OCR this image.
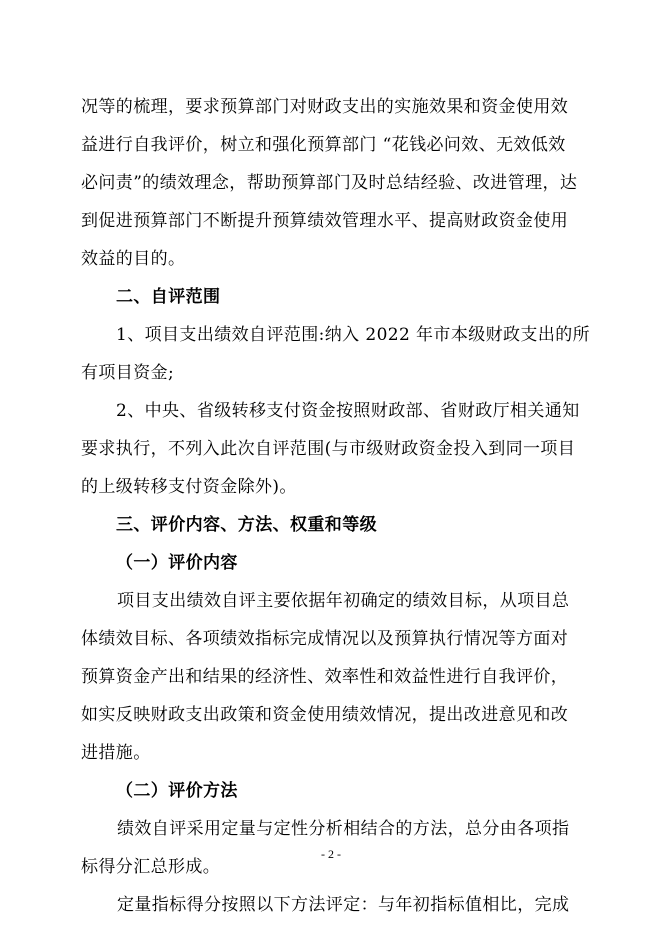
况等的梳理，要求预算部门对财政支出的实施效果和资金使用效
益进行自我评价，树立和强化预算部门 “花钱必问效、无效低效
必问责”的绩效理念，帮助预算部门及时总结经验、改进管理，达
到促进预算部门不断提升预算绩效管理水平、提高财政资金使用
效益的目的。
二、自评范围
1、项目支出绩效自评范围:纳入 2022 年市本级财政支出的所
有项目资金;
2、中央、省级转移支付资金按照财政部、省财政厅相关通知
要求执行，不列入此次自评范围(与市级财政资金投入到同一项目
的上级转移支付资金除外)。
三、评价内容、方法、权重和等级
（一）评价内容
项目支出绩效自评主要依据年初确定的绩效目标，从项目总
体绩效目标、各项绩效指标完成情况以及预算执行情况等方面对
预算资金产出和结果的经济性、效率性和效益性进行自我评价，
如实反映财政支出政策和资金使用绩效情况，提出改进意见和改
进措施。
（二）评价方法
绩效自评采用定量与定性分析相结合的方法，总分由各项指
标得分汇总形成。
定量指标得分按照以下方法评定：与年初指标值相比，完成
- 2 -
